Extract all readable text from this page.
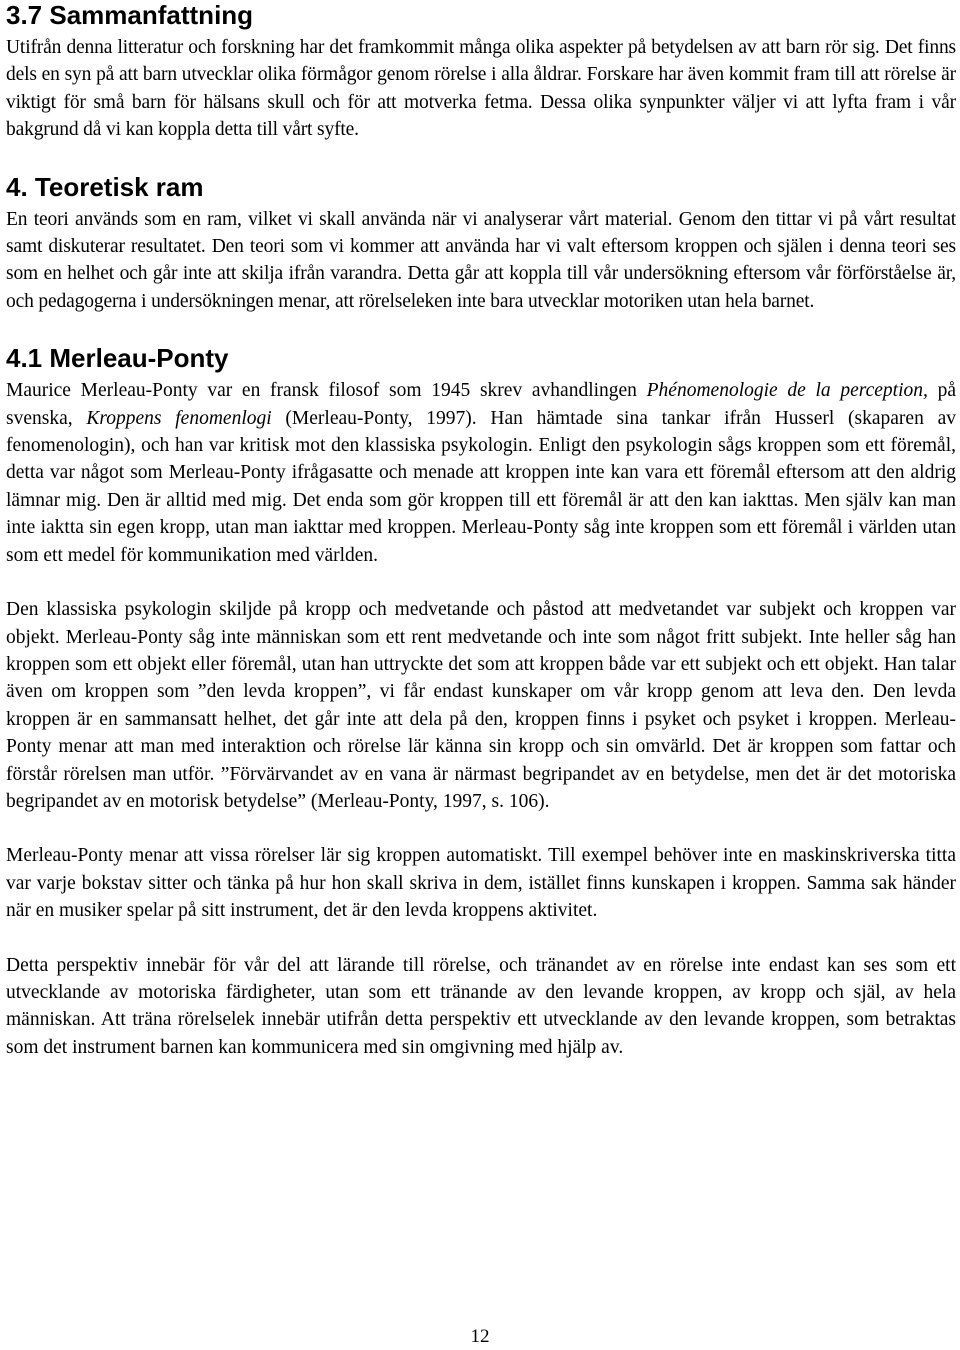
3.7 Sammanfattning

Utifrån denna litteratur och forskning har det framkommit många olika aspekter på betydelsen av att barn rör sig. Det finns dels en syn på att barn utvecklar olika förmågor genom rörelse i alla åldrar. Forskare har även kommit fram till att rörelse är viktigt för små barn för hälsans skull och för att motverka fetma. Dessa olika synpunkter väljer vi att lyfta fram i vår bakgrund då vi kan koppla detta till vårt syfte.

4. Teoretisk ram

En teori används som en ram, vilket vi skall använda när vi analyserar vårt material. Genom den tittar vi på vårt resultat samt diskuterar resultatet. Den teori som vi kommer att använda har vi valt eftersom kroppen och själen i denna teori ses som en helhet och går inte att skilja ifrån varandra. Detta går att koppla till vår undersökning eftersom vår förförståelse är, och pedagogerna i undersökningen menar, att rörelseleken inte bara utvecklar motoriken utan hela barnet.

4.1 Merleau-Ponty

Maurice Merleau-Ponty var en fransk filosof som 1945 skrev avhandlingen Phénomenologie de la perception, på svenska, Kroppens fenomenlogi (Merleau-Ponty, 1997). Han hämtade sina tankar ifrån Husserl (skaparen av fenomenologin), och han var kritisk mot den klassiska psykologin. Enligt den psykologin sågs kroppen som ett föremål, detta var något som Merleau-Ponty ifrågasatte och menade att kroppen inte kan vara ett föremål eftersom att den aldrig lämnar mig. Den är alltid med mig. Det enda som gör kroppen till ett föremål är att den kan iakttas. Men själv kan man inte iaktta sin egen kropp, utan man iakttar med kroppen. Merleau-Ponty såg inte kroppen som ett föremål i världen utan som ett medel för kommunikation med världen.

Den klassiska psykologin skiljde på kropp och medvetande och påstod att medvetandet var subjekt och kroppen var objekt. Merleau-Ponty såg inte människan som ett rent medvetande och inte som något fritt subjekt. Inte heller såg han kroppen som ett objekt eller föremål, utan han uttryckte det som att kroppen både var ett subjekt och ett objekt. Han talar även om kroppen som ”den levda kroppen”, vi får endast kunskaper om vår kropp genom att leva den. Den levda kroppen är en sammansatt helhet, det går inte att dela på den, kroppen finns i psyket och psyket i kroppen. Merleau-Ponty menar att man med interaktion och rörelse lär känna sin kropp och sin omvärld. Det är kroppen som fattar och förstår rörelsen man utför. ”Förvärvandet av en vana är närmast begripandet av en betydelse, men det är det motoriska begripandet av en motorisk betydelse” (Merleau-Ponty, 1997, s. 106).

Merleau-Ponty menar att vissa rörelser lär sig kroppen automatiskt. Till exempel behöver inte en maskinskriverska titta var varje bokstav sitter och tänka på hur hon skall skriva in dem, istället finns kunskapen i kroppen. Samma sak händer när en musiker spelar på sitt instrument, det är den levda kroppens aktivitet.

Detta perspektiv innebär för vår del att lärande till rörelse, och tränandet av en rörelse inte endast kan ses som ett utvecklande av motoriska färdigheter, utan som ett tränande av den levande kroppen, av kropp och själ, av hela människan. Att träna rörelselek innebär utifrån detta perspektiv ett utvecklande av den levande kroppen, som betraktas som det instrument barnen kan kommunicera med sin omgivning med hjälp av.

12
